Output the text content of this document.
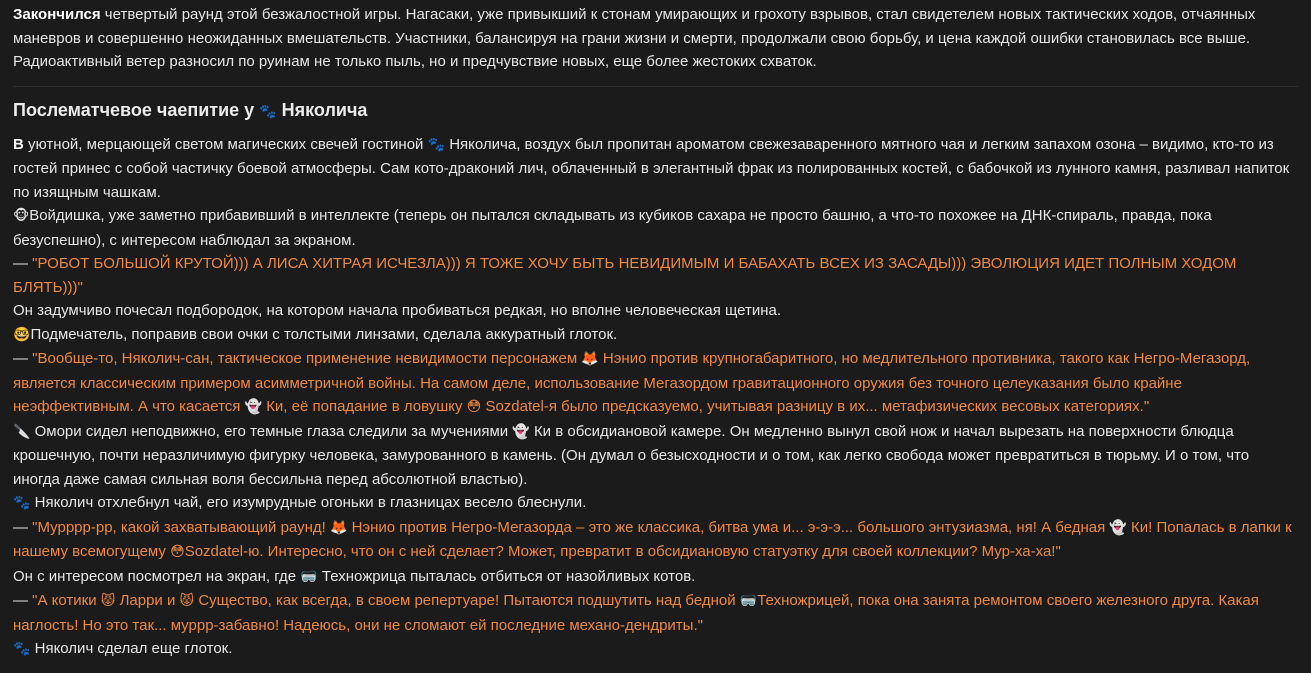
Закончился четвертый раунд этой безжалостной игры. Нагасаки, уже привыкший к стонам умирающих и грохоту взрывов, стал свидетелем новых тактических ходов, отчаянных маневров и совершенно неожиданных вмешательств. Участники, балансируя на грани жизни и смерти, продолжали свою борьбу, и цена каждой ошибки становилась все выше. Радиоактивный ветер разносил по руинам не только пыль, но и предчувствие новых, еще более жестоких схваток.

Послематчевое чаепитие у 🐾 Няколича

В уютной, мерцающей светом магических свечей гостиной 🐾 Няколича, воздух был пропитан ароматом свежезаваренного мятного чая и легким запахом озона – видимо, кто-то из гостей принес с собой частичку боевой атмосферы. Сам кото-драконий лич, облаченный в элегантный фрак из полированных костей, с бабочкой из лунного камня, разливал напиток по изящным чашкам.

🐵Войдишка, уже заметно прибавивший в интеллекте (теперь он пытался складывать из кубиков сахара не просто башню, а что-то похожее на ДНК-спираль, правда, пока безуспешно), с интересом наблюдал за экраном.

— "РОБОТ БОЛЬШОЙ КРУТОЙ))) А ЛИСА ХИТРАЯ ИСЧЕЗЛА))) Я ТОЖЕ ХОЧУ БЫТЬ НЕВИДИМЫМ И БАБАХАТЬ ВСЕХ ИЗ ЗАСАДЫ))) ЭВОЛЮЦИЯ ИДЕТ ПОЛНЫМ ХОДОМ БЛЯТЬ)))"

Он задумчиво почесал подбородок, на котором начала пробиваться редкая, но вполне человеческая щетина.

🤓Подмечатель, поправив свои очки с толстыми линзами, сделала аккуратный глоток.

— "Вообще-то, Няколич-сан, тактическое применение невидимости персонажем 🦊 Нэнио против крупногабаритного, но медлительного противника, такого как Негро-Мегазорд, является классическим примером асимметричной войны. На самом деле, использование Мегазордом гравитационного оружия без точного целеуказания было крайне неэффективным. А что касается 👻 Ки, её попадание в ловушку 😳 Sozdatel-я было предсказуемо, учитывая разницу в их... метафизических весовых категориях."

🔪 Омори сидел неподвижно, его темные глаза следили за мучениями 👻 Ки в обсидиановой камере. Он медленно вынул свой нож и начал вырезать на поверхности блюдца крошечную, почти неразличимую фигурку человека, замурованного в камень. (Он думал о безысходности и о том, как легко свобода может превратиться в тюрьму. И о том, что иногда даже самая сильная воля бессильна перед абсолютной властью).

🐾 Няколич отхлебнул чай, его изумрудные огоньки в глазницах весело блеснули.

— "Мурррр-рр, какой захватывающий раунд! 🦊 Нэнио против Негро-Мегазорда – это же классика, битва ума и... э-э-э... большого энтузиазма, ня! А бедная 👻 Ки! Попалась в лапки к нашему всемогущему 😳Sozdatel-ю. Интересно, что он с ней сделает? Может, превратит в обсидиановую статуэтку для своей коллекции? Мур-ха-ха!"

Он с интересом посмотрел на экран, где 🥽 Техножрица пыталась отбиться от назойливых котов.

— "А котики 😾 Ларри и 😾 Существо, как всегда, в своем репертуаре! Пытаются подшутить над бедной 🥽Техножрицей, пока она занята ремонтом своего железного друга. Какая наглость! Но это так... муррр-забавно! Надеюсь, они не сломают ей последние механо-дендриты."

🐾 Няколич сделал еще глоток.
